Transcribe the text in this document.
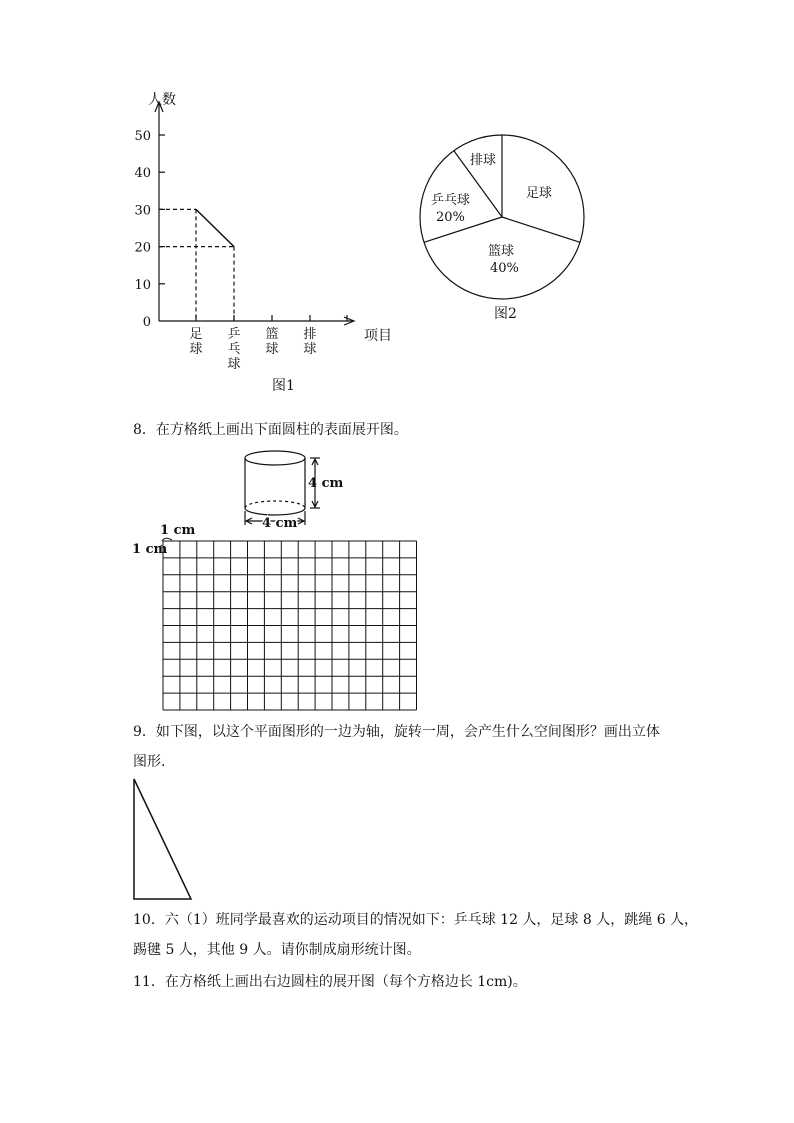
人数
项目
图1
0
10
20
30
40
50
足
球
乒
乓
球
篮
球
排
球
足球
篮球
40%
乒乓球
20%
排球
图2
8．在方格纸上画出下面圆柱的表面展开图。
4 cm
4 cm
1 cm
1 cm
9．如下图，以这个平面图形的一边为轴，旋转一周，会产生什么空间图形？画出立体
图形.
10．六（1）班同学最喜欢的运动项目的情况如下：乒乓球 12 人，足球 8 人，跳绳 6 人，
踢毽 5 人，其他 9 人。请你制成扇形统计图。
11．在方格纸上画出右边圆柱的展开图（每个方格边长 1cm)。
